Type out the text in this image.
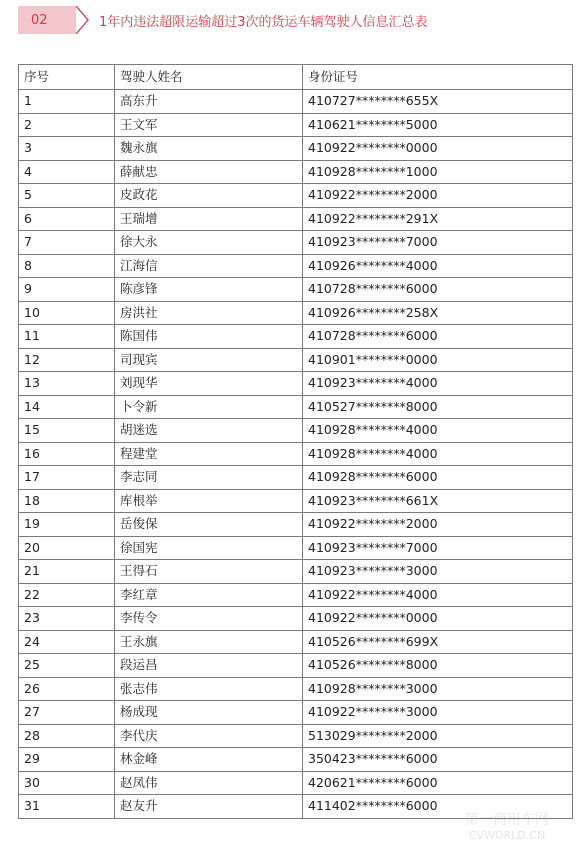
02	1年内违法超限运输超过3次的货运车辆驾驶人信息汇总表
序号	驾驶人姓名	身份证号
1	高东升	410727********655X
2	王文军	410621********5000
3	魏永旗	410922********0000
4	薛献忠	410928********1000
5	皮政花	410922********2000
6	王瑞增	410922********291X
7	徐大永	410923********7000
8	江海信	410926********4000
9	陈彦锋	410728********6000
10	房洪社	410926********258X
11	陈国伟	410728********6000
12	司现宾	410901********0000
13	刘现华	410923********4000
14	卜令新	410527********8000
15	胡迷选	410928********4000
16	程建堂	410928********4000
17	李志同	410928********6000
18	库根举	410923********661X
19	岳俊保	410922********2000
20	徐国宪	410923********7000
21	王得石	410923********3000
22	李红章	410922********4000
23	李传令	410922********0000
24	王永旗	410526********699X
25	段运昌	410526********8000
26	张志伟	410928********3000
27	杨成现	410922********3000
28	李代庆	513029********2000
29	林金峰	350423********6000
30	赵凤伟	420621********6000
31	赵友升	411402********6000
第一商用车网
CVWORLD.CN
